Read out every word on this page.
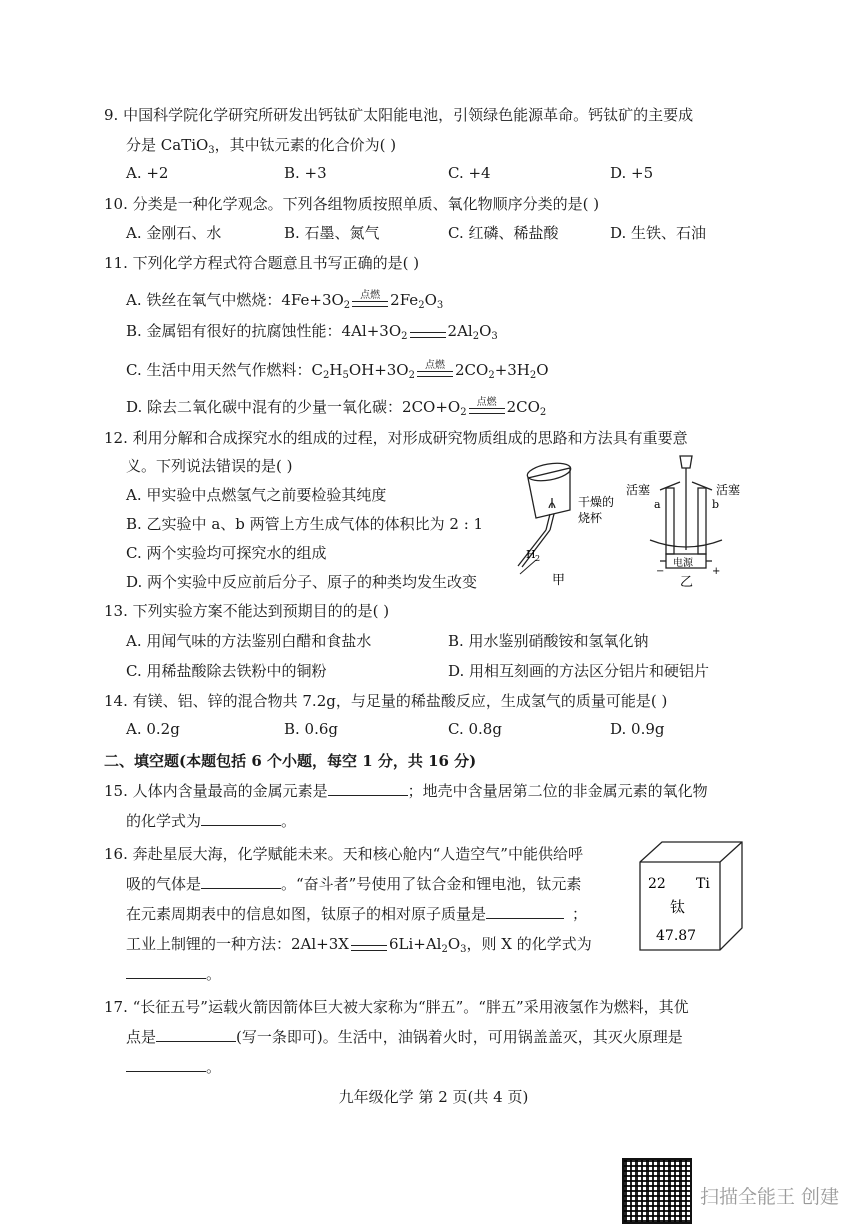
9. 中国科学院化学研究所研发出钙钛矿太阳能电池，引领绿色能源革命。钙钛矿的主要成
分是 CaTiO$_3$，其中钛元素的化合价为( )
A. +2	B. +3	C. +4	D. +5
10. 分类是一种化学观念。下列各组物质按照单质、氧化物顺序分类的是( )
A. 金刚石、水	B. 石墨、氮气	C. 红磷、稀盐酸	D. 生铁、石油
11. 下列化学方程式符合题意且书写正确的是( )
A. 铁丝在氧气中燃烧：$4Fe+3O_2$
点燃 $2Fe_2O_3$
B. 金属铝有很好的抗腐蚀性能：$4Al+3O_2$	$2Al_2O_3$
C. 生活中用天然气作燃料：$C_2H_5OH+3O_2$
点燃 $2CO_2+3H_2O$
D. 除去二氧化碳中混有的少量一氧化碳：$2CO+O_2$
点燃 $2CO_2$
12. 利用分解和合成探究水的组成的过程，对形成研究物质组成的思路和方法具有重要意
义。下列说法错误的是( )
A. 甲实验中点燃氢气之前要检验其纯度
B. 乙实验中 a、b 两管上方生成气体的体积比为 2 : 1
C. 两个实验均可探究水的组成
D. 两个实验中反应前后分子、原子的种类均发生改变
H 2
干燥的
烧杯
甲
活塞	活塞
a	b
电源
−	+
乙
13. 下列实验方案不能达到预期目的的是( )
A. 用闻气味的方法鉴别白醋和食盐水	B. 用水鉴别硝酸铵和氢氧化钠
C. 用稀盐酸除去铁粉中的铜粉	D. 用相互刻画的方法区分铝片和硬铝片
14. 有镁、铝、锌的混合物共 7.2g，与足量的稀盐酸反应，生成氢气的质量可能是( )
A. 0.2g	B. 0.6g	C. 0.8g	D. 0.9g
二、填空题(本题包括 6 个小题，每空 1 分，共 16 分)
15. 人体内含量最高的金属元素是	；地壳中含量居第二位的非金属元素的氧化物
的化学式为	。
16. 奔赴星辰大海，化学赋能未来。天和核心舱内“人造空气”中能供给呼
吸的气体是	。“奋斗者”号使用了钛合金和锂电池，钛元素
在元素周期表中的信息如图，钛原子的相对原子质量是	；
工业上制锂的一种方法：2Al+3X	$6Li+Al_2O_3$，则 X 的化学式为
。
22 Ti
钛
47.87
17. “长征五号”运载火箭因箭体巨大被大家称为“胖五”。“胖五”采用液氢作为燃料，其优
点是	(写一条即可)。生活中，油锅着火时，可用锅盖盖灭，其灭火原理是
。
九年级化学 第 2 页(共 4 页)
扫描全能王 创建
